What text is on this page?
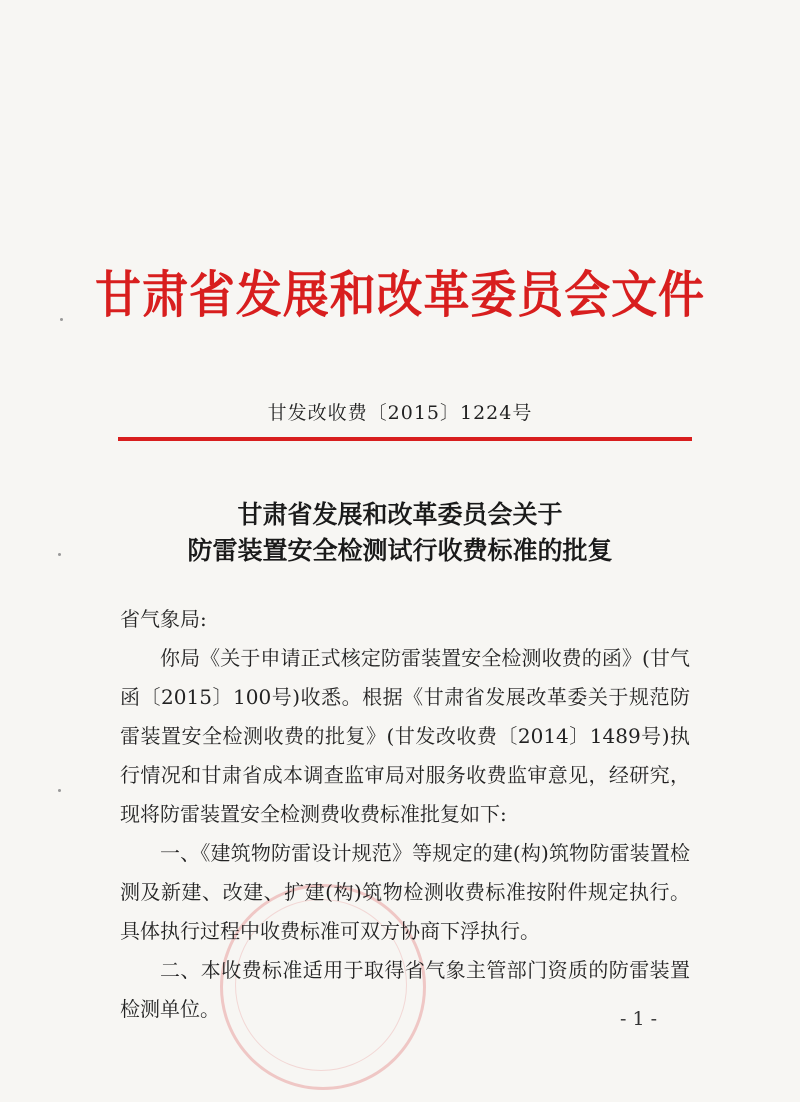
甘肃省发展和改革委员会文件
甘发改收费〔2015〕1224号
甘肃省发展和改革委员会关于
防雷装置安全检测试行收费标准的批复

省气象局:

你局《关于申请正式核定防雷装置安全检测收费的函》(甘气函〔2015〕100号)收悉。根据《甘肃省发展改革委关于规范防雷装置安全检测收费的批复》(甘发改收费〔2014〕1489号)执行情况和甘肃省成本调查监审局对服务收费监审意见，经研究，现将防雷装置安全检测费收费标准批复如下:

一、《建筑物防雷设计规范》等规定的建(构)筑物防雷装置检测及新建、改建、扩建(构)筑物检测收费标准按附件规定执行。具体执行过程中收费标准可双方协商下浮执行。

二、本收费标准适用于取得省气象主管部门资质的防雷装置检测单位。	- 1 -
